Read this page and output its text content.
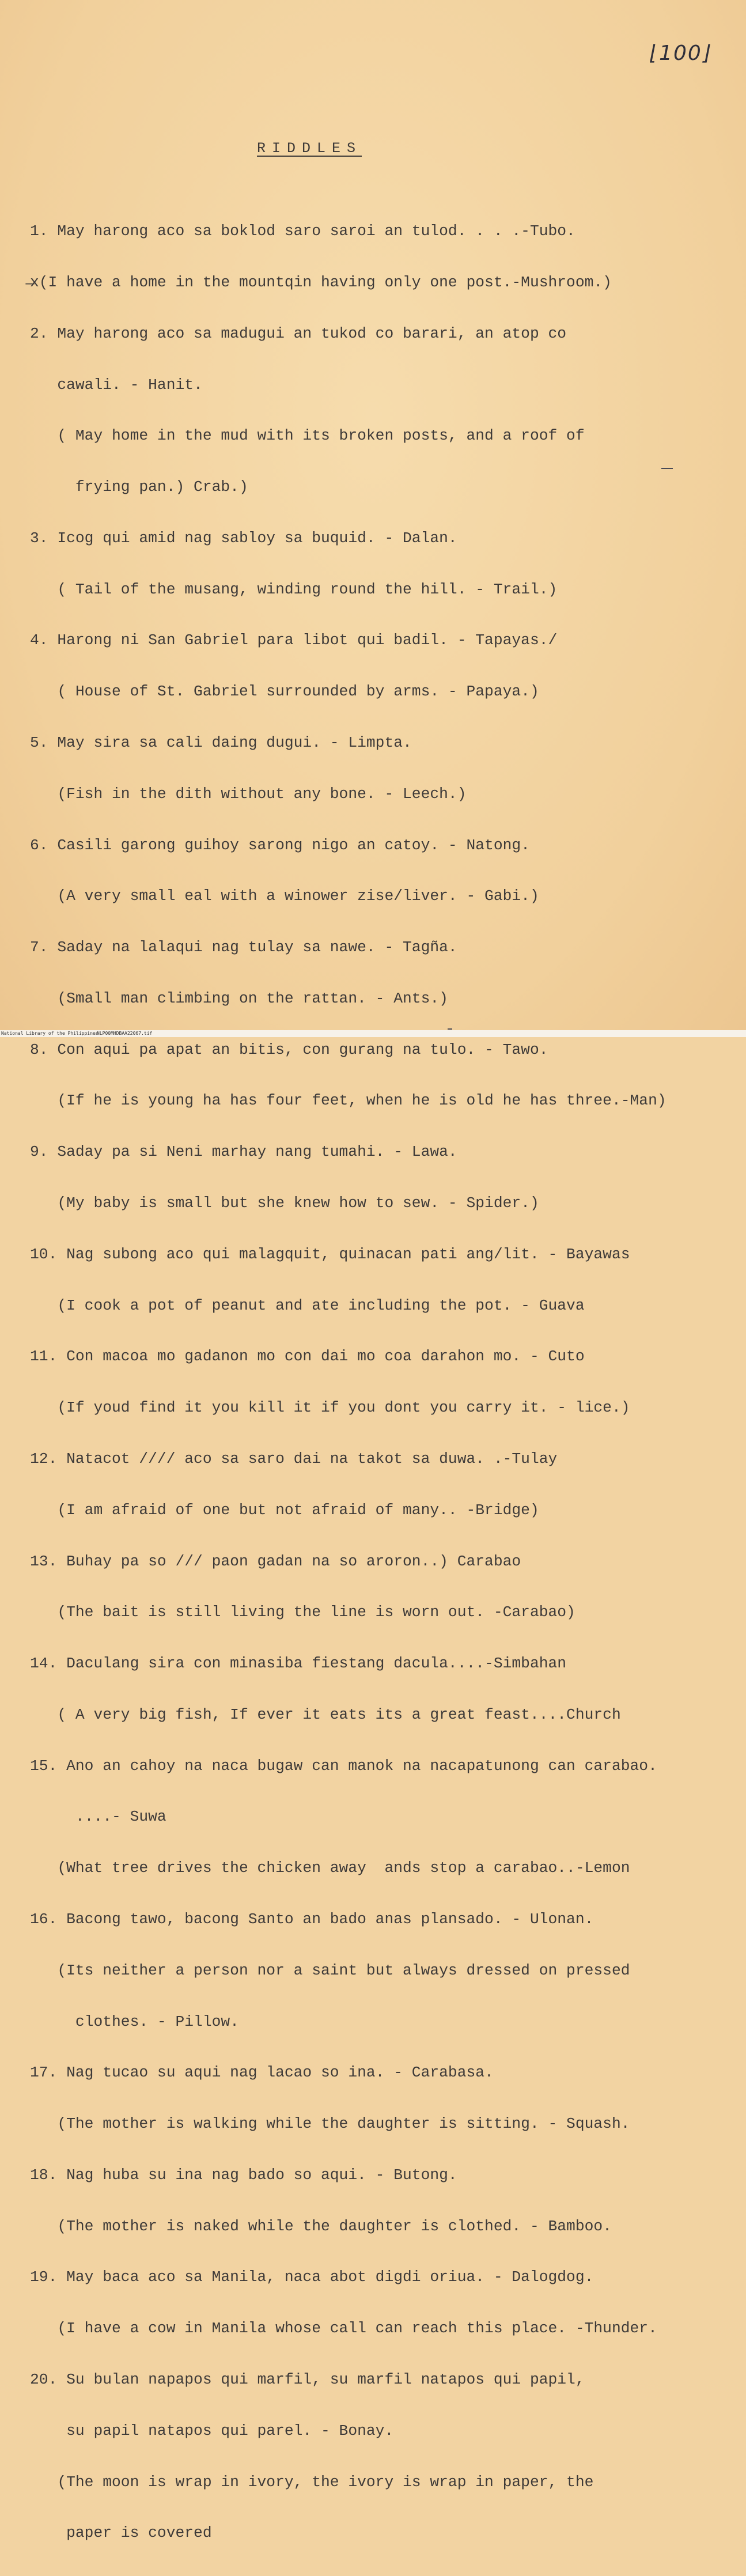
⌊100⌋
RIDDLES

1. May harong aco sa boklod saro saroi an tulod. . . .-Tubo.

̶x(I have a home in the mountqin having only one post.-Mushroom.)

2. May harong aco sa madugui an tukod co barari, an atop co

cawali. - Hanit.

( May home in the mud with its broken posts, and a roof of

frying pan.) Crab.)

3. Icog qui amid nag sabloy sa buquid. - Dalan.

( Tail of the musang, winding round the hill. - Trail.)

4. Harong ni San Gabriel para libot qui badil. - Tapayas./

( House of St. Gabriel surrounded by arms. - Papaya.)

5. May sira sa cali daing dugui. - Limpta.

(Fish in the dith without any bone. - Leech.)

6. Casili garong guihoy sarong nigo an catoy. - Natong.

(A very small eal with a winower zise/liver. - Gabi.)

7. Saday na lalaqui nag tulay sa nawe. - Tagña.

(Small man climbing on the rattan. - Ants.)

8. Con aqui pa apat an bitis, con gurang na tulo. - Tawo.

(If he is young ha has four feet, when he is old he has three.-Man)

9. Saday pa si Neni marhay nang tumahi. - Lawa.

(My baby is small but she knew how to sew. - Spider.)

10. Nag subong aco qui malagquit, quinacan pati ang/lit. - Bayawas

(I cook a pot of peanut and ate including the pot. - Guava

11. Con macoa mo gadanon mo con dai mo coa darahon mo. - Cuto

(If youd find it you kill it if you dont you carry it. - lice.)

12. Natacot //// aco sa saro dai na takot sa duwa. .-Tulay

(I am afraid of one but not afraid of many.. -Bridge)

13. Buhay pa so /// paon gadan na so aroron..) Carabao

(The bait is still living the line is worn out. -Carabao)

14. Daculang sira con minasiba fiestang dacula....-Simbahan

( A very big fish, If ever it eats its a great feast....Church

15. Ano an cahoy na naca bugaw can manok na nacapatunong can carabao.

....- Suwa

(What tree drives the chicken away  ands stop a carabao..-Lemon

16. Bacong tawo, bacong Santo an bado anas plansado. - Ulonan.

(Its neither a person nor a saint but always dressed on pressed

clothes. - Pillow.

17. Nag tucao su aqui nag lacao so ina. - Carabasa.

(The mother is walking while the daughter is sitting. - Squash.

18. Nag huba su ina nag bado so aqui. - Butong.

(The mother is naked while the daughter is clothed. - Bamboo.

19. May baca aco sa Manila, naca abot digdi oriua. - Dalogdog.

(I have a cow in Manila whose call can reach this place. -Thunder.

20. Su bulan napapos qui marfil, su marfil natapos qui papil,

su papil natapos qui parel. - Bonay.

(The moon is wrap in ivory, the ivory is wrap in paper, the

paper is covered

National Library of the Philippines
NLP00MHDBAA22067.tif
